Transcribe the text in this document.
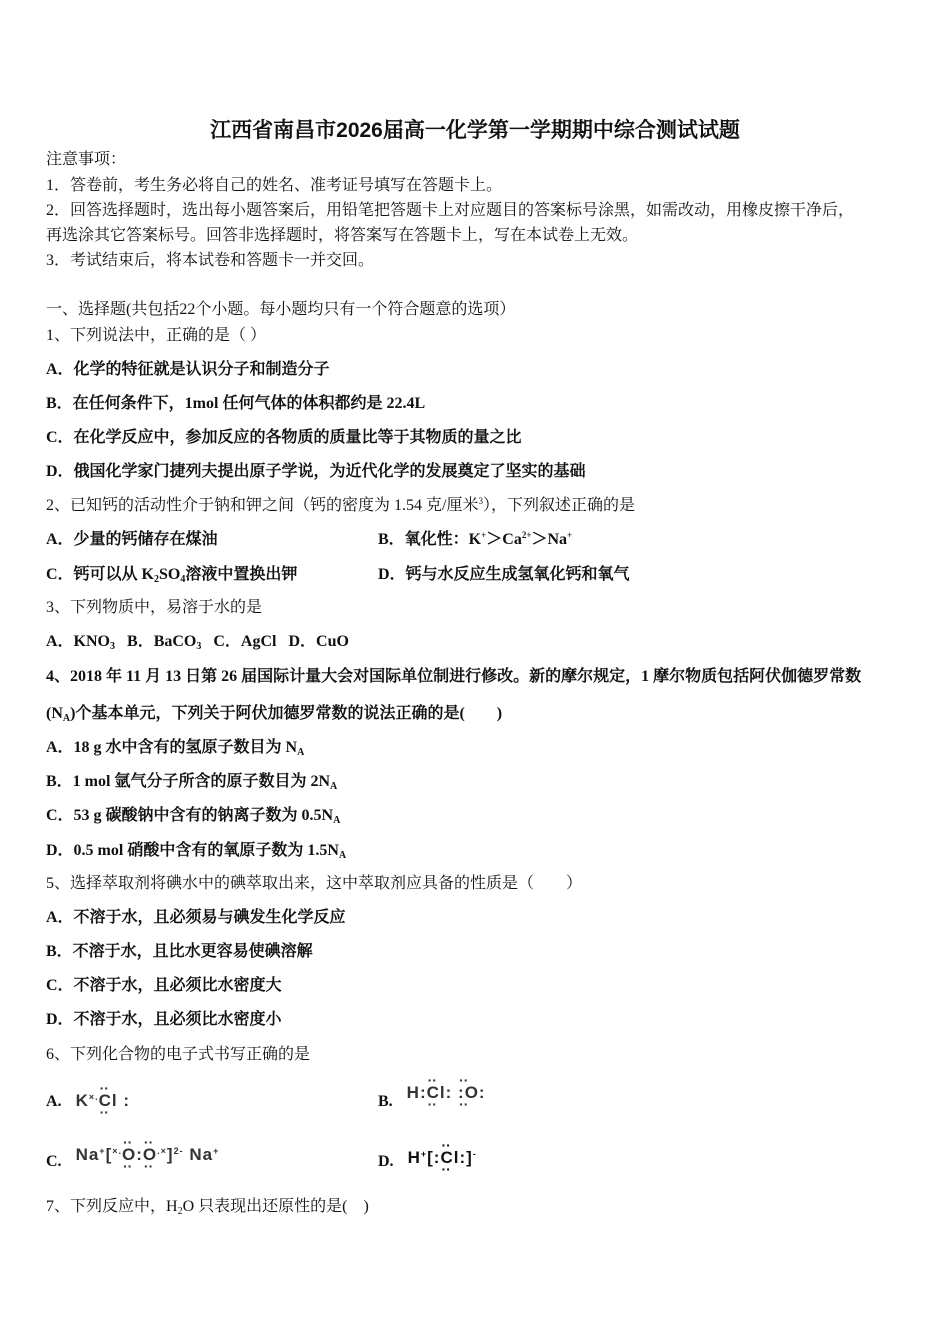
江西省南昌市2026届高一化学第一学期期中综合测试试题
注意事项：
1．答卷前，考生务必将自己的姓名、准考证号填写在答题卡上。
2．回答选择题时，选出每小题答案后，用铅笔把答题卡上对应题目的答案标号涂黑，如需改动，用橡皮擦干净后，
再选涂其它答案标号。回答非选择题时，将答案写在答题卡上，写在本试卷上无效。
3．考试结束后，将本试卷和答题卡一并交回。
一、选择题(共包括22个小题。每小题均只有一个符合题意的选项）
1、下列说法中，正确的是（ ）
A．化学的特征就是认识分子和制造分子
B．在任何条件下，1mol 任何气体的体积都约是 22.4L
C．在化学反应中，参加反应的各物质的质量比等于其物质的量之比
D．俄国化学家门捷列夫提出原子学说，为近代化学的发展奠定了坚实的基础
2、已知钙的活动性介于钠和钾之间（钙的密度为 1.54 克/厘米$^3$），下列叙述正确的是
A．少量的钙储存在煤油	B．氧化性：$K^+>Ca^{2+}>Na^+$
C．钙可以从 $K_2SO_4$溶液中置换出钾	D．钙与水反应生成氢氧化钙和氧气
3、下列物质中，易溶于水的是
A．$KNO_3$ B．BaCO$_3$ C．AgCl D．CuO
4、2018 年 11 月 13 日第 26 届国际计量大会对国际单位制进行修改。新的摩尔规定，1 摩尔物质包括阿伏伽德罗常数
$(N_A)$个基本单元，下列关于阿伏加德罗常数的说法正确的是(　　)
A．18 g 水中含有的氢原子数目为 $N_A$
B．1 mol 氩气分子所含的原子数目为 $2N_A$
C．53 g 碳酸钠中含有的钠离子数为 $0.5N_A$
D．0.5 mol 硝酸中含有的氧原子数为 $1.5N_A$
5、选择萃取剂将碘水中的碘萃取出来，这中萃取剂应具备的性质是（　　）
A．不溶于水，且必须易与碘发生化学反应
B．不溶于水，且比水更容易使碘溶解
C．不溶于水，且必须比水密度大
D．不溶于水，且必须比水密度小
6、下列化合物的电子式书写正确的是
A. K×.·· Cl ·· :	B. H:·· Cl ··: ·· :O: ··
C. Na+[×.·· O ··:·· O ··.×]$^{2-}$ Na+
D. H+[:·· Cl ··:]-
7、下列反应中，$H_2O$ 只表现出还原性的是(　)
